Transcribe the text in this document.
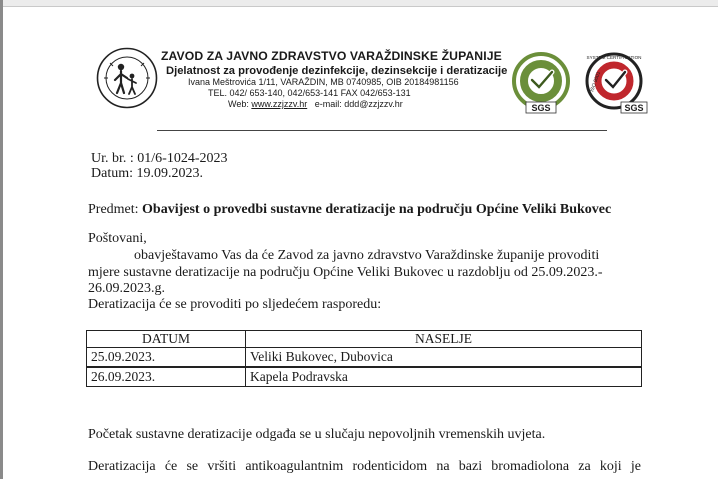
ZAVOD ZA JAVNO ZDRAVSTVO VARAŽDINSKE ŽUPANIJE
Djelatnost za provođenje dezinfekcije, dezinsekcije i deratizacije
Ivana Meštrovića 1/11, VARAŽDIN, MB 0740985, OIB 20184981156
TEL. 042/ 653-140, 042/653-141 FAX 042/653-131
Web: www.zzjzzv.hr e-mail: ddd@zzjzzv.hr	SGS
SYSTEM CERTIFICATION
ISO 9001
SGS
Ur. br. : 01/6-1024-2023
Datum: 19.09.2023.
Predmet: Obavijest o provedbi sustavne deratizacije na području Općine Veliki Bukovec
Poštovani,
obavještavamo Vas da će Zavod za javno zdravstvo Varaždinske županije provoditi
mjere sustavne deratizacije na području Općine Veliki Bukovec u razdoblju od 25.09.2023.-
26.09.2023.g.
Deratizacija će se provoditi po sljedećem rasporedu:
DATUM	NASELJE
25.09.2023.	Veliki Bukovec, Dubovica
26.09.2023.	Kapela Podravska
Početak sustavne deratizacije odgađa se u slučaju nepovoljnih vremenskih uvjeta.
Deratizacija će se vršiti antikoagulantnim rodenticidom na bazi bromadiolona za koji je
